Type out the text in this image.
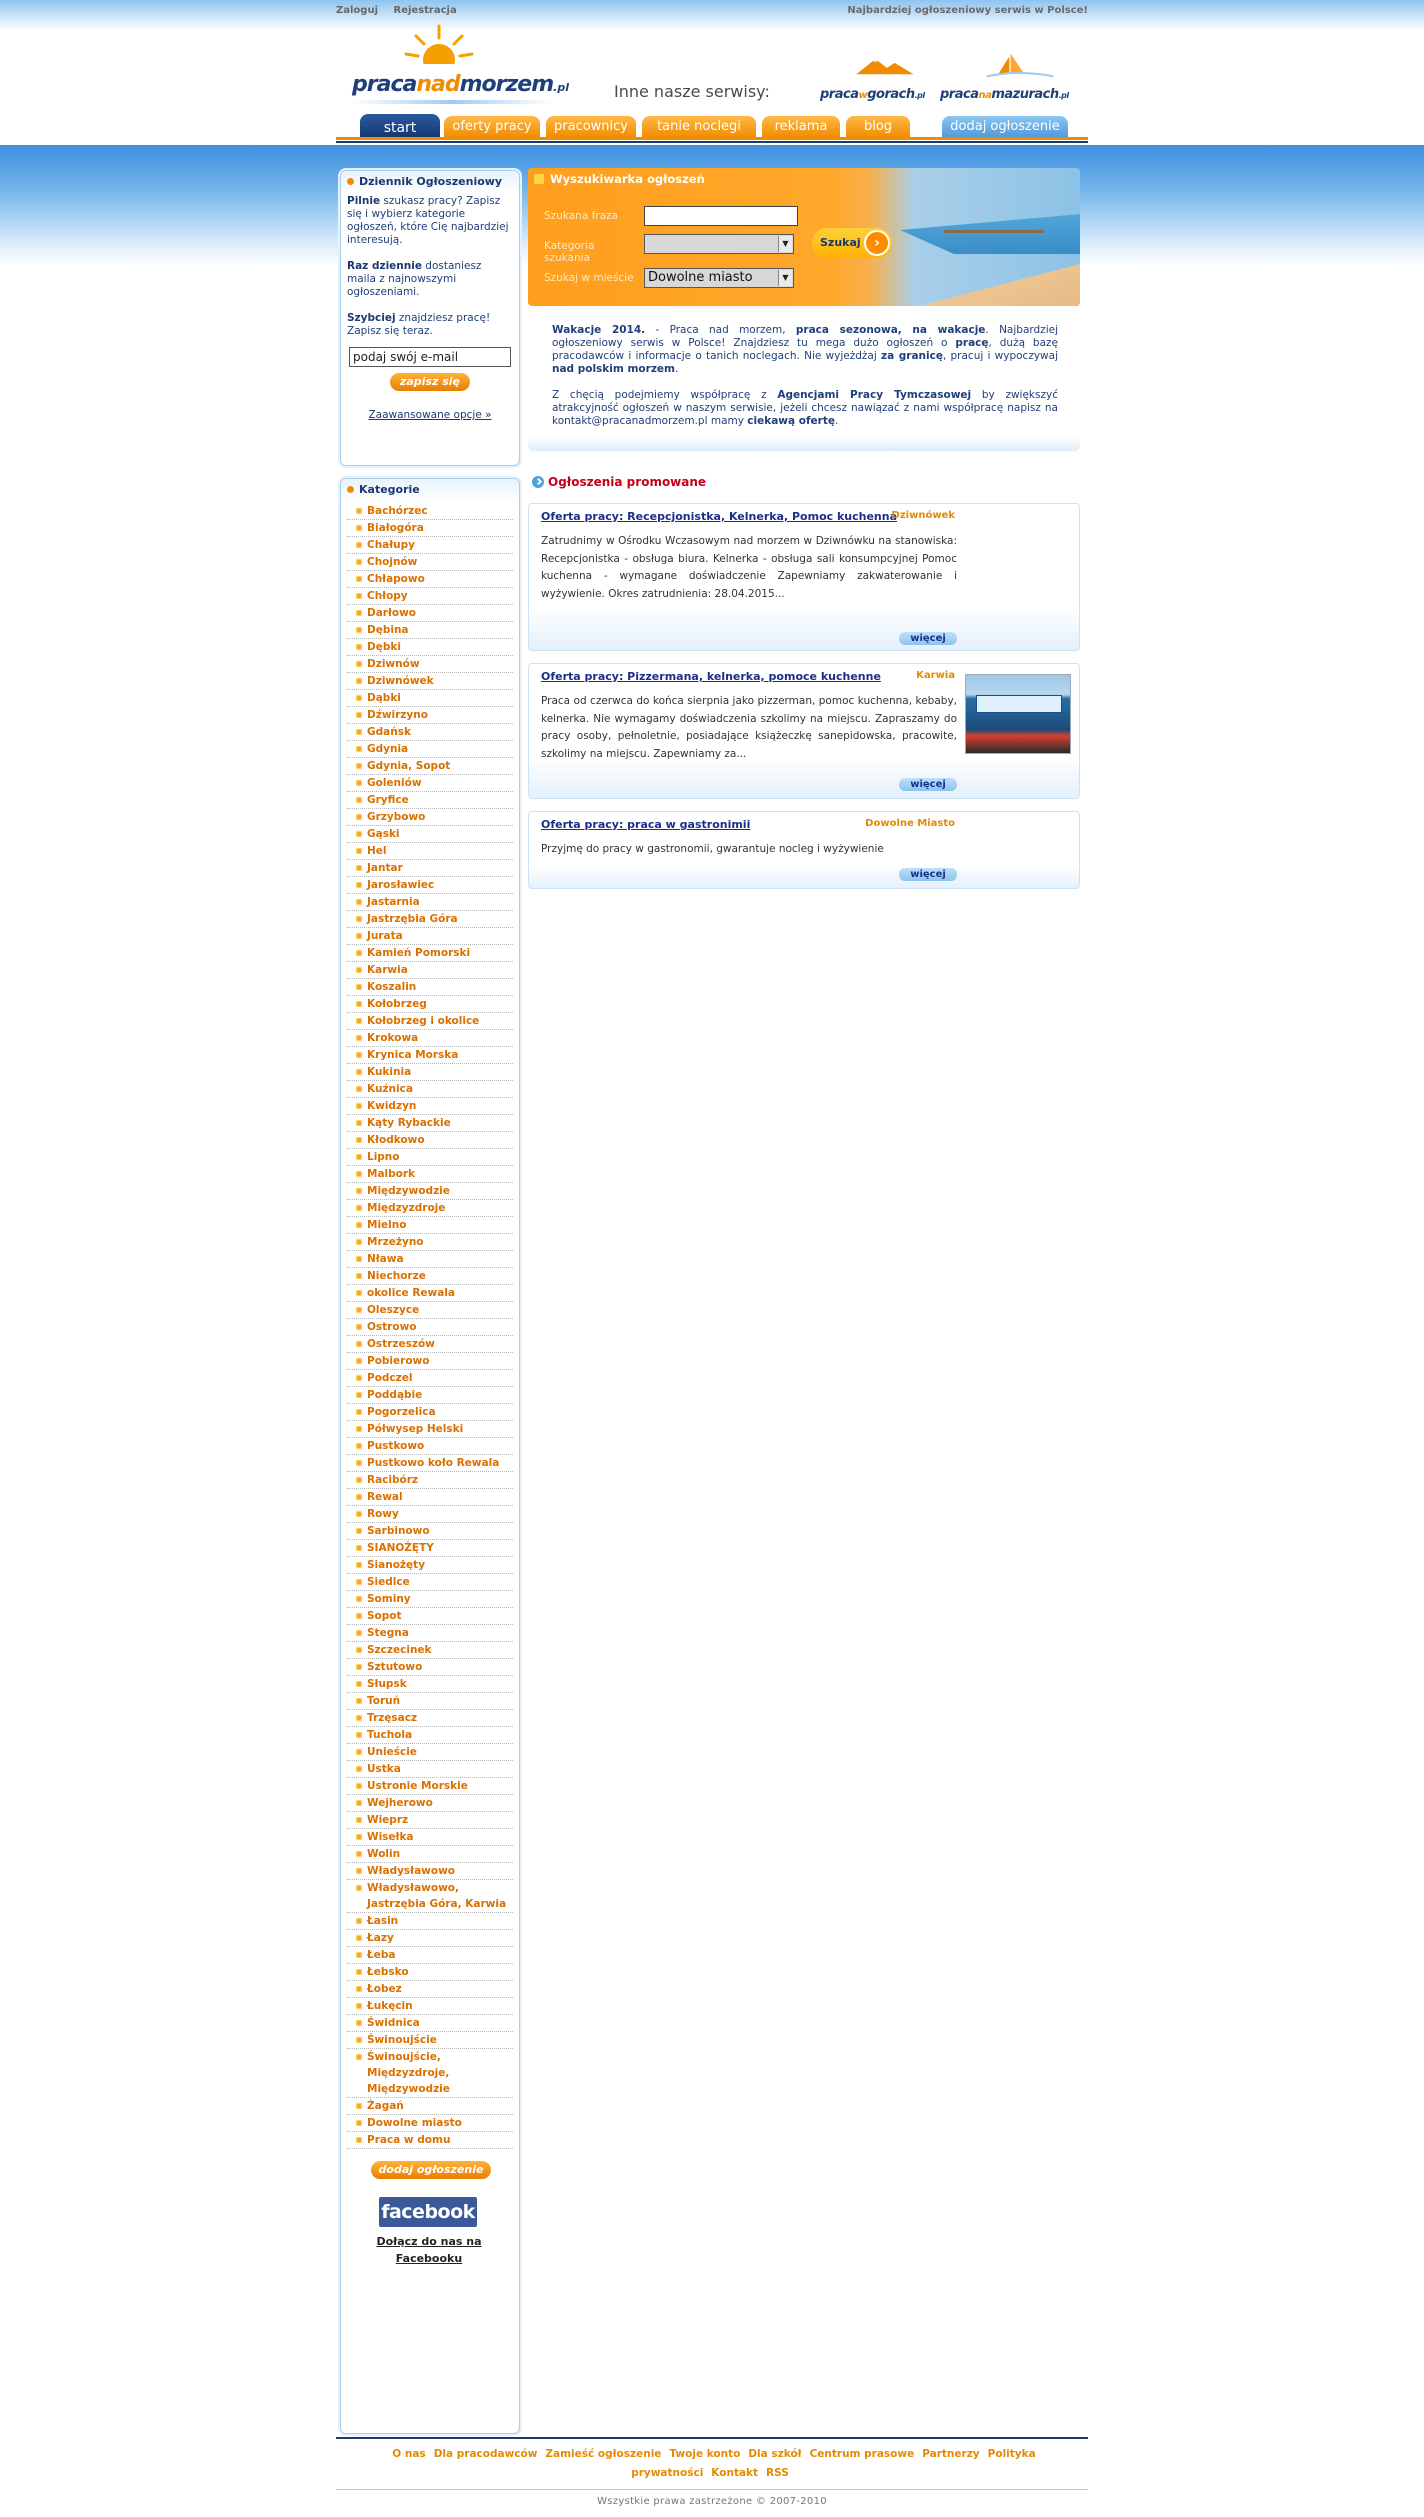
Zaloguj Rejestracja	Najbardziej ogłoszeniowy serwis w Polsce!
pracanadmorzem.pl	Inne nasze serwisy:	pracawgorach.pl pracanamazurach.pl
start	oferty pracy	pracownicy	tanie noclegi	reklama	blog	dodaj ogłoszenie
Dziennik Ogłoszeniowy

Pilnie szukasz pracy? Zapisz się i wybierz kategorie ogłoszeń, które Cię najbardziej interesują.

Raz dziennie dostaniesz maila z najnowszymi ogłoszeniami.

Szybciej znajdziesz pracę! Zapisz się teraz.

podaj swój e-mail
zapisz się
Zaawansowane opcje »
Kategorie
Bachórzec
Białogóra
Chałupy
Chojnów
Chłapowo
Chłopy
Darłowo
Dębina
Dębki
Dziwnów
Dziwnówek
Dąbki
Dźwirzyno
Gdańsk
Gdynia
Gdynia, Sopot
Goleniów
Gryfice
Grzybowo
Gąski
Hel
Jantar
Jarosławiec
Jastarnia
Jastrzębia Góra
Jurata
Kamień Pomorski
Karwia
Koszalin
Kołobrzeg
Kołobrzeg i okolice
Krokowa
Krynica Morska
Kukinia
Kuźnica
Kwidzyn
Kąty Rybackie
Kłodkowo
Lipno
Malbork
Międzywodzie
Międzyzdroje
Mielno
Mrzeżyno
Nława
Niechorze
okolice Rewala
Oleszyce
Ostrowo
Ostrzeszów
Pobierowo
Podczel
Poddąbie
Pogorzelica
Półwysep Helski
Pustkowo
Pustkowo koło Rewala
Racibórz
Rewal
Rowy
Sarbinowo
SIANOŻĘTY
Sianożęty
Siedlce
Sominy
Sopot
Stegna
Szczecinek
Sztutowo
Słupsk
Toruń
Trzęsacz
Tuchola
Unieście
Ustka
Ustronie Morskie
Wejherowo
Wieprz
Wisełka
Wolin
Władysławowo
Władysławowo, Jastrzębia Góra, Karwia
Łasin
Łazy
Łeba
Łebsko
Łobez
Łukęcin
Świdnica
Świnoujście
Świnoujście, Międzyzdroje, Międzywodzie
Żagań
Dowolne miasto
Praca w domu
dodaj ogłoszenie
facebook
Dołącz do nas na Facebooku
Wyszukiwarka ogłoszeń
Szukana fraza
Kategoria szukania
▼
Szukaj w mieście	Dowolne miasto	▼
Szukaj ›

Wakacje 2014. - Praca nad morzem, praca sezonowa, na wakacje. Najbardziej ogłoszeniowy serwis w Polsce! Znajdziesz tu mega dużo ogłoszeń o pracę, dużą bazę pracodawców i informacje o tanich noclegach. Nie wyjeżdżaj za granicę, pracuj i wypoczywaj nad polskim morzem.

Z chęcią podejmiemy współpracę z Agencjami Pracy Tymczasowej by zwiększyć atrakcyjność ogłoszeń w naszym serwisie, jeżeli chcesz nawiązać z nami współpracę napisz na kontakt@pracanadmorzem.pl mamy ciekawą ofertę.

Ogłoszenia promowane
Oferta pracy: Recepcjonistka, Kelnerka, Pomoc kuchenna
Dziwnówek
Zatrudnimy w Ośrodku Wczasowym nad morzem w Dziwnówku na stanowiska: Recepcjonistka - obsługa biura. Kelnerka - obsługa sali konsumpcyjnej Pomoc kuchenna - wymagane doświadczenie Zapewniamy zakwaterowanie i wyżywienie. Okres zatrudnienia: 28.04.2015...
więcej
Oferta pracy: Pizzermana, kelnerka, pomoce kuchenne	Karwia
Praca od czerwca do końca sierpnia jako pizzerman, pomoc kuchenna, kebaby, kelnerka. Nie wymagamy doświadczenia szkolimy na miejscu. Zapraszamy do pracy osoby, pełnoletnie, posiadające książeczkę sanepidowska, pracowite, szkolimy na miejscu. Zapewniamy za...
więcej
Oferta pracy: praca w gastronimii	Dowolne Miasto
Przyjmę do pracy w gastronomii, gwarantuje nocleg i wyżywienie
więcej
O nas Dla pracodawców Zamieść ogłoszenie Twoje konto Dla szkół Centrum prasowe Partnerzy Polityka prywatności Kontakt RSS
Wszystkie prawa zastrzeżone © 2007-2010
